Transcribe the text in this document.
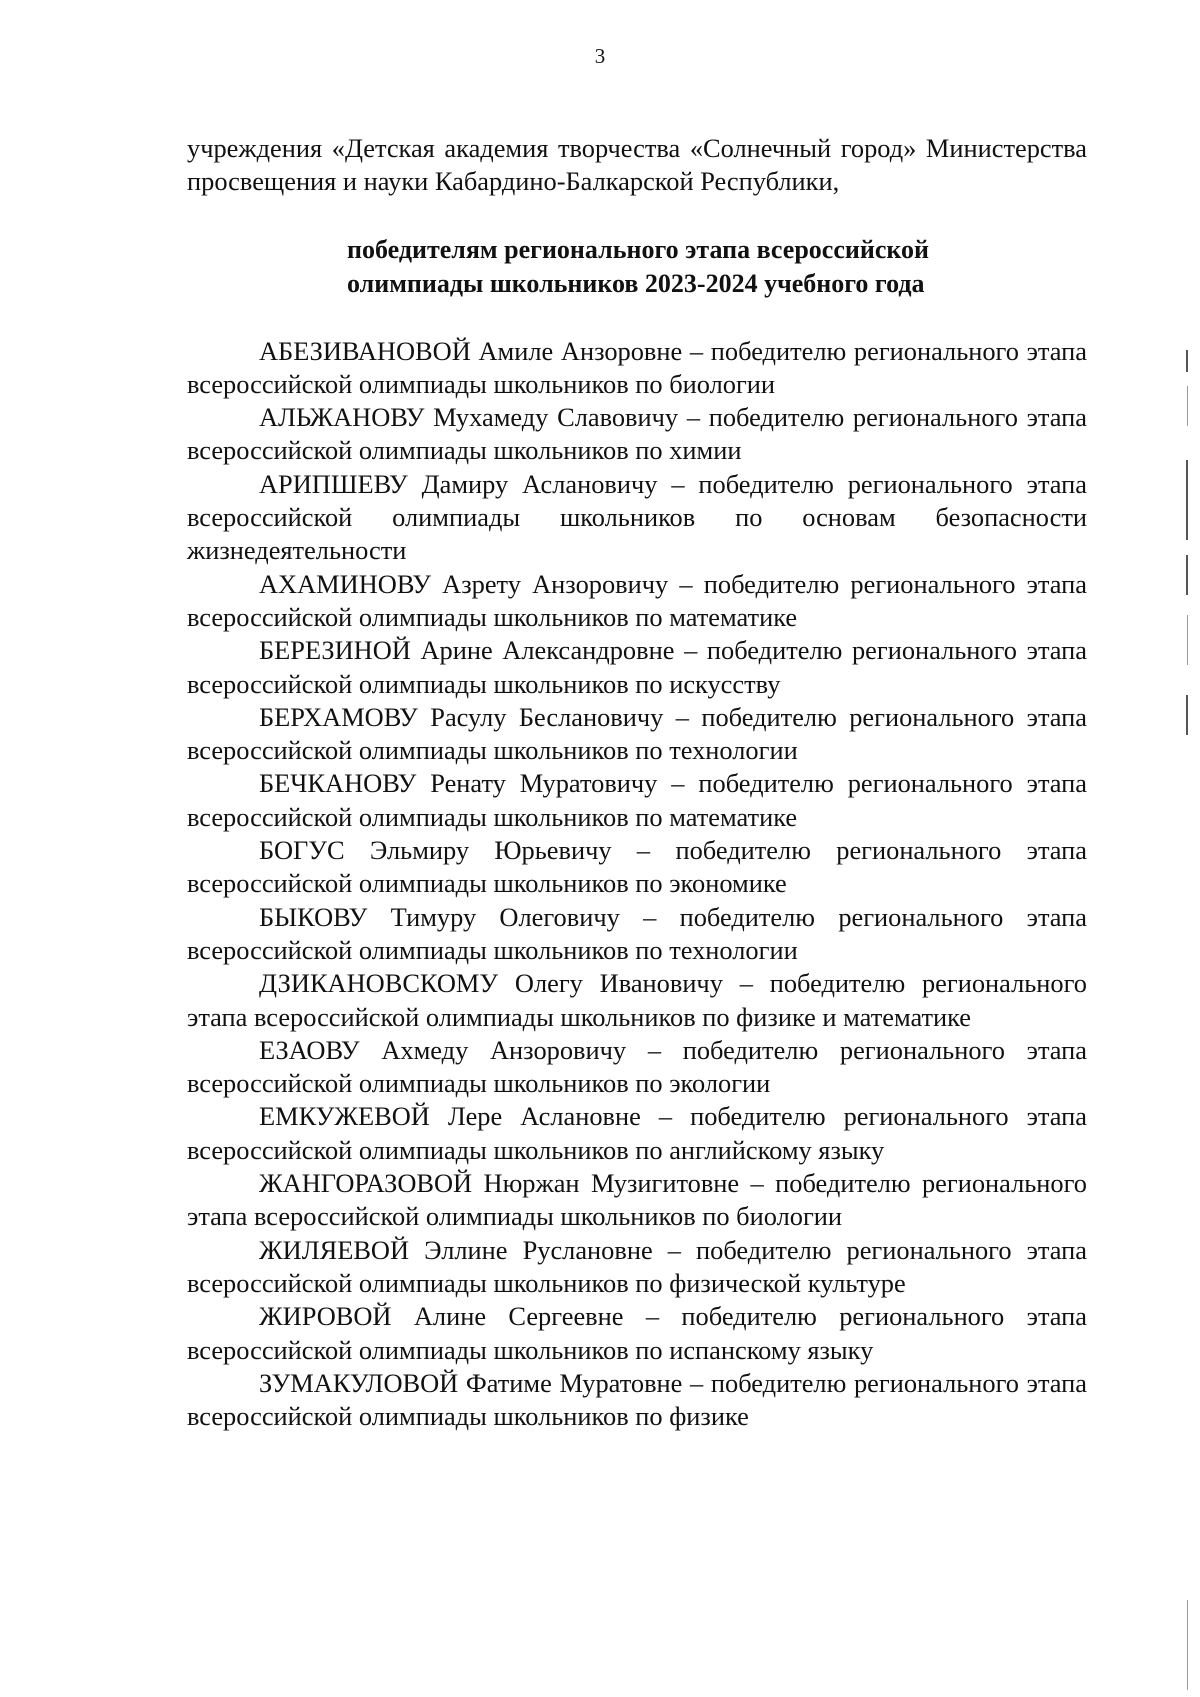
3

учреждения «Детская академия творчества «Солнечный город» Министерства просвещения и науки Кабардино-Балкарской Республики,

победителям регионального этапа всероссийской
олимпиады школьников 2023-2024 учебного года

АБЕЗИВАНОВОЙ Амиле Анзоровне – победителю регионального этапа всероссийской олимпиады школьников по биологии

АЛЬЖАНОВУ Мухамеду Славовичу – победителю регионального этапа всероссийской олимпиады школьников по химии

АРИПШЕВУ Дамиру Аслановичу – победителю регионального этапа всероссийской олимпиады школьников по основам безопасности жизнедеятельности

АХАМИНОВУ Азрету Анзоровичу – победителю регионального этапа всероссийской олимпиады школьников по математике

БЕРЕЗИНОЙ Арине Александровне – победителю регионального этапа всероссийской олимпиады школьников по искусству

БЕРХАМОВУ Расулу Беслановичу – победителю регионального этапа всероссийской олимпиады школьников по технологии

БЕЧКАНОВУ Ренату Муратовичу – победителю регионального этапа всероссийской олимпиады школьников по математике

БОГУС Эльмиру Юрьевичу – победителю регионального этапа всероссийской олимпиады школьников по экономике

БЫКОВУ Тимуру Олеговичу – победителю регионального этапа всероссийской олимпиады школьников по технологии

ДЗИКАНОВСКОМУ Олегу Ивановичу – победителю регионального этапа всероссийской олимпиады школьников по физике и математике

ЕЗАОВУ Ахмеду Анзоровичу – победителю регионального этапа всероссийской олимпиады школьников по экологии

ЕМКУЖЕВОЙ Лере Аслановне – победителю регионального этапа всероссийской олимпиады школьников по английскому языку

ЖАНГОРАЗОВОЙ Нюржан Музигитовне – победителю регионального этапа всероссийской олимпиады школьников по биологии

ЖИЛЯЕВОЙ Эллине Руслановне – победителю регионального этапа всероссийской олимпиады школьников по физической культуре

ЖИРОВОЙ Алине Сергеевне – победителю регионального этапа всероссийской олимпиады школьников по испанскому языку

ЗУМАКУЛОВОЙ Фатиме Муратовне – победителю регионального этапа всероссийской олимпиады школьников по физике
